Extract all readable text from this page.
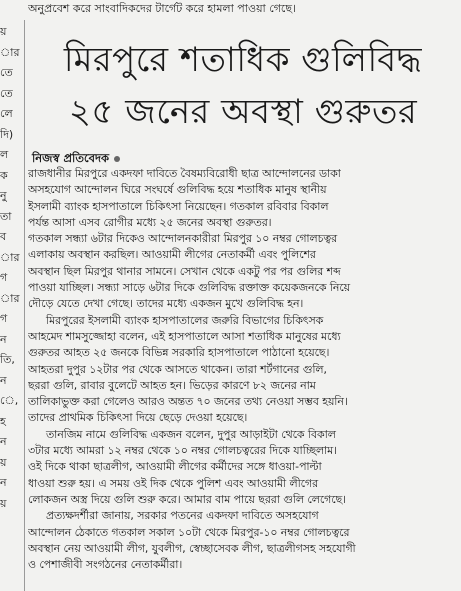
অনুপ্রবেশ করে সাংবাদিকদের টার্গেট করে হামলা পাওয়া গেছে।
য়
ার
তে
তে
লে
দি)
ল
ক
নু
তা
ব
ার
গ
ার
গ
ন
তি,
ন
ে,
হ
ন
য়
ন
য়
মিরপুরে শতাধিক গুলিবিদ্ধ
২৫ জনের অবস্থা গুরুতর
নিজস্ব প্রতিবেদক

রাজধানীর মিরপুরে একদফা দাবিতে বৈষম্যবিরোধী ছাত্র আন্দোলনের ডাকা
অসহযোগ আন্দোলন ঘিরে সংঘর্ষে গুলিবিদ্ধ হয়ে শতাধিক মানুষ স্থানীয়
ইসলামী ব্যাংক হাসপাতালে চিকিৎসা নিয়েছেন। গতকাল রবিবার বিকাল
পর্যন্ত আসা এসব রোগীর মধ্যে ২৫ জনের অবস্থা গুরুতর।
গতকাল সন্ধ্যা ৬টার দিকেও আন্দোলনকারীরা মিরপুর ১০ নম্বর গোলচত্বর
এলাকায় অবস্থান করছিল। আওয়ামী লীগের নেতাকর্মী এবং পুলিশের
অবস্থান ছিল মিরপুর থানার সামনে। সেখান থেকে একটু পর পর গুলির শব্দ
পাওয়া যাচ্ছিল। সন্ধ্যা সাড়ে ৬টার দিকে গুলিবিদ্ধ রক্তাক্ত কয়েকজনকে নিয়ে
দৌড়ে যেতে দেখা গেছে। তাদের মধ্যে একজন মুখে গুলিবিদ্ধ হন।

মিরপুরের ইসলামী ব্যাংক হাসপাতালের জরুরি বিভাগের চিকিৎসক
আহমেদ শামসুজ্জোহা বলেন, এই হাসপাতালে আসা শতাধিক মানুষের মধ্যে
গুরুতর আহত ২৫ জনকে বিভিন্ন সরকারি হাসপাতালে পাঠানো হয়েছে।
আহতরা দুপুর ১২টার পর থেকে আসতে থাকেন। তারা শর্টগানের গুলি,
ছররা গুলি, রাবার বুলেটে আহত হন। ভিড়ের কারণে ৮২ জনের নাম
তালিকাভুক্ত করা গেলেও আরও অন্তত ৭০ জনের তথ্য নেওয়া সম্ভব হয়নি।
তাদের প্রাথমিক চিকিৎসা দিয়ে ছেড়ে দেওয়া হয়েছে।

তানজিম নামে গুলিবিদ্ধ একজন বলেন, দুপুর আড়াইটা থেকে বিকাল
৩টার মধ্যে আমরা ১২ নম্বর থেকে ১০ নম্বর গোলচত্বরের দিকে যাচ্ছিলাম।
ওই দিকে থাকা ছাত্রলীগ, আওয়ামী লীগের কর্মীদের সঙ্গে ধাওয়া-পাল্টা
ধাওয়া শুরু হয়। এ সময় ওই দিক থেকে পুলিশ এবং আওয়ামী লীগের
লোকজন অস্ত্র দিয়ে গুলি শুরু করে। আমার বাম পায়ে ছররা গুলি লেগেছে।

প্রত্যক্ষদর্শীরা জানায়, সরকার পতনের একদফা দাবিতে অসহযোগ
আন্দোলন ঠেকাতে গতকাল সকাল ১০টা থেকে মিরপুর-১০ নম্বর গোলচত্বরে
অবস্থান নেয় আওয়ামী লীগ, যুবলীগ, স্বেচ্ছাসেবক লীগ, ছাত্রলীগসহ সহযোগী
ও পেশাজীবী সংগঠনের নেতাকর্মীরা।
